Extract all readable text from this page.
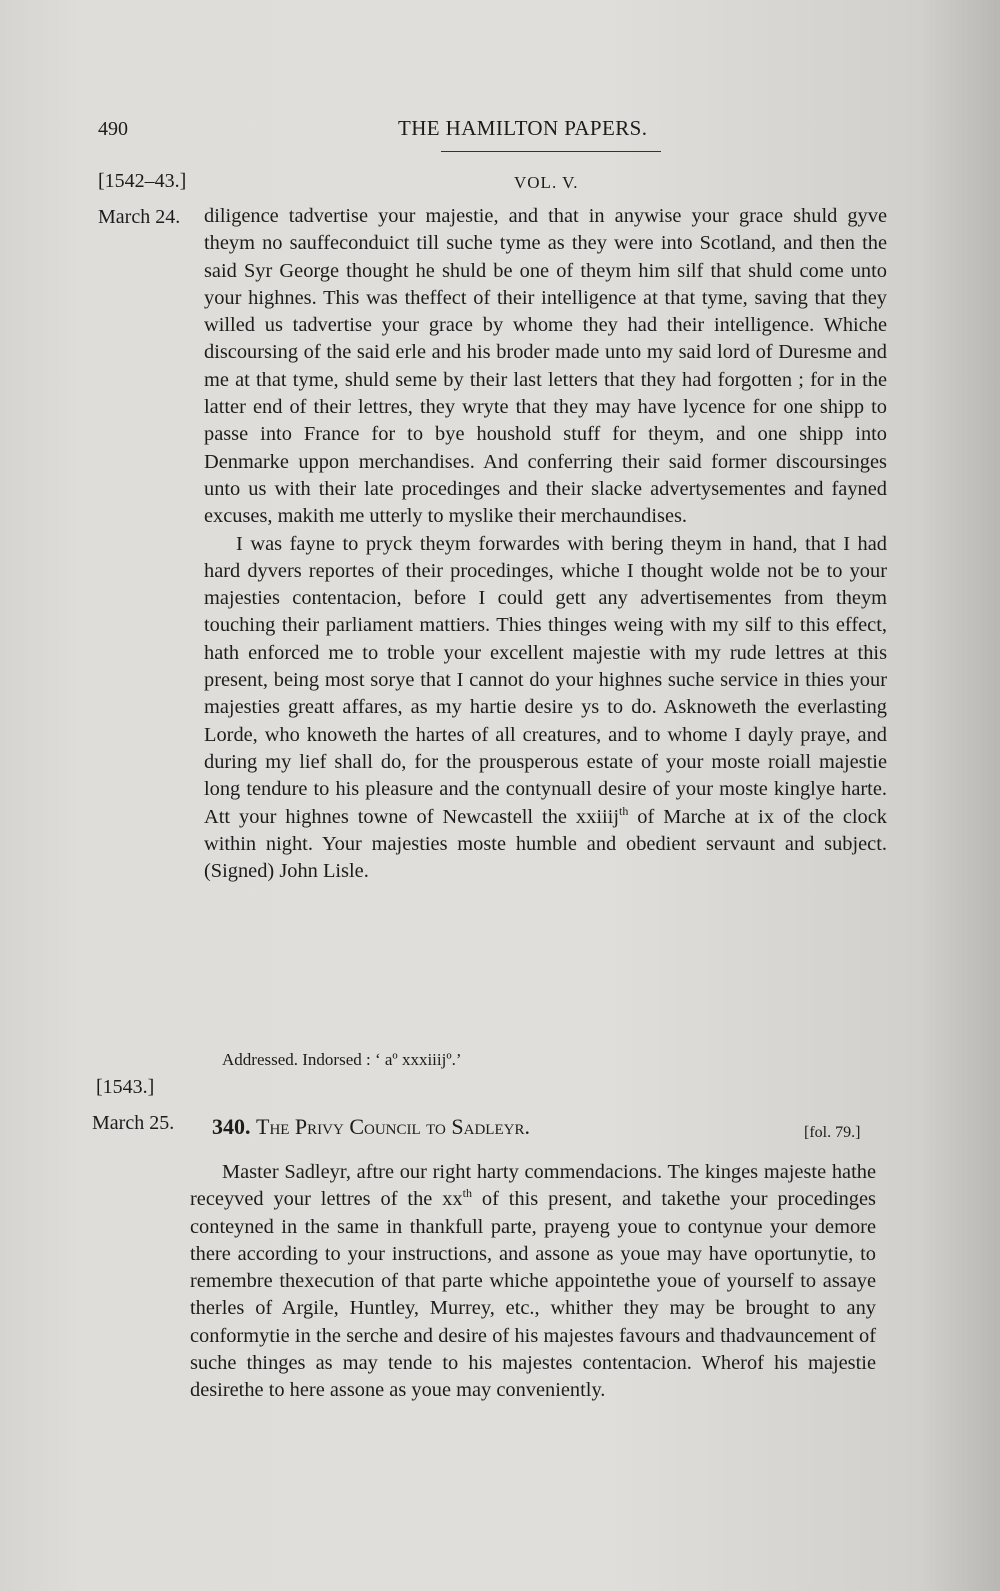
490	THE HAMILTON PAPERS.
[1542–43.]	VOL. V.
March 24. diligence tadvertise your majestie, and that in anywise your grace shuld gyve theym no sauffeconduict till suche tyme as they were into Scotland, and then the said Syr George thought he shuld be one of theym him silf that shuld come unto your highnes. This was theffect of their intelligence at that tyme, saving that they willed us tadvertise your grace by whome they had their intelligence. Whiche discoursing of the said erle and his broder made unto my said lord of Duresme and me at that tyme, shuld seme by their last letters that they had forgotten ; for in the latter end of their lettres, they wryte that they may have lycence for one shipp to passe into France for to bye houshold stuff for theym, and one shipp into Denmarke uppon merchandises. And conferring their said former discoursinges unto us with their late procedinges and their slacke advertysementes and fayned excuses, makith me utterly to myslike their merchaundises.

I was fayne to pryck theym forwardes with bering theym in hand, that I had hard dyvers reportes of their procedinges, whiche I thought wolde not be to your majesties contentacion, before I could gett any advertisementes from theym touching their parliament mattiers. Thies thinges weing with my silf to this effect, hath enforced me to troble your excellent majestie with my rude lettres at this present, being most sorye that I cannot do your highnes suche service in thies your majesties greatt affares, as my hartie desire ys to do. Asknoweth the everlasting Lorde, who knoweth the hartes of all creatures, and to whome I dayly praye, and during my lief shall do, for the prousperous estate of your moste roiall majestie long tendure to his pleasure and the contynuall desire of your moste kinglye harte. Att your highnes towne of Newcastell the xxiiij$^{th}$ of Marche at ix of the clock within night. Your majesties moste humble and obedient servaunt and subject. (Signed) John Lisle.

Addressed. Indorsed : ‘ aº xxxiiijº.’
[1543.]
March 25. 340. The Privy Council to Sadleyr.	[fol. 79.]

Master Sadleyr, aftre our right harty commendacions. The kinges majeste hathe receyved your lettres of the $xx^{th}$ of this present, and takethe your procedinges conteyned in the same in thankfull parte, prayeng youe to contynue your demore there according to your instructions, and assone as youe may have oportunytie, to remembre thexecution of that parte whiche appointethe youe of yourself to assaye therles of Argile, Huntley, Murrey, etc., whither they may be brought to any conformytie in the serche and desire of his majestes favours and thadvauncement of suche thinges as may tende to his majestes contentacion. Wherof his majestie desirethe to here assone as youe may conveniently.
